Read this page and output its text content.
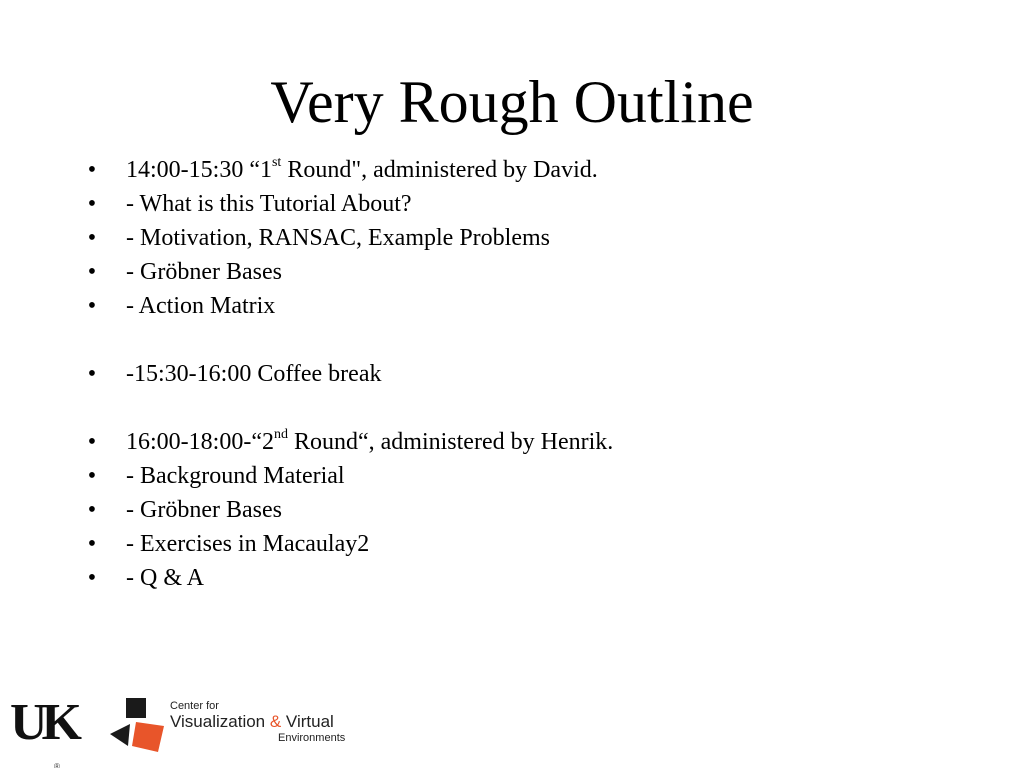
Very Rough Outline
• 14:00-15:30 “1st Round", administered by David.
• - What is this Tutorial About?
• - Motivation, RANSAC, Example Problems
• - Gröbner Bases
• - Action Matrix
• -15:30-16:00 Coffee break
• 16:00-18:00-“2nd Round“, administered by Henrik.
• - Background Material
• - Gröbner Bases
• - Exercises in Macaulay2
• - Q & A
UK
®
Center for
Visualization & Virtual
Environments
